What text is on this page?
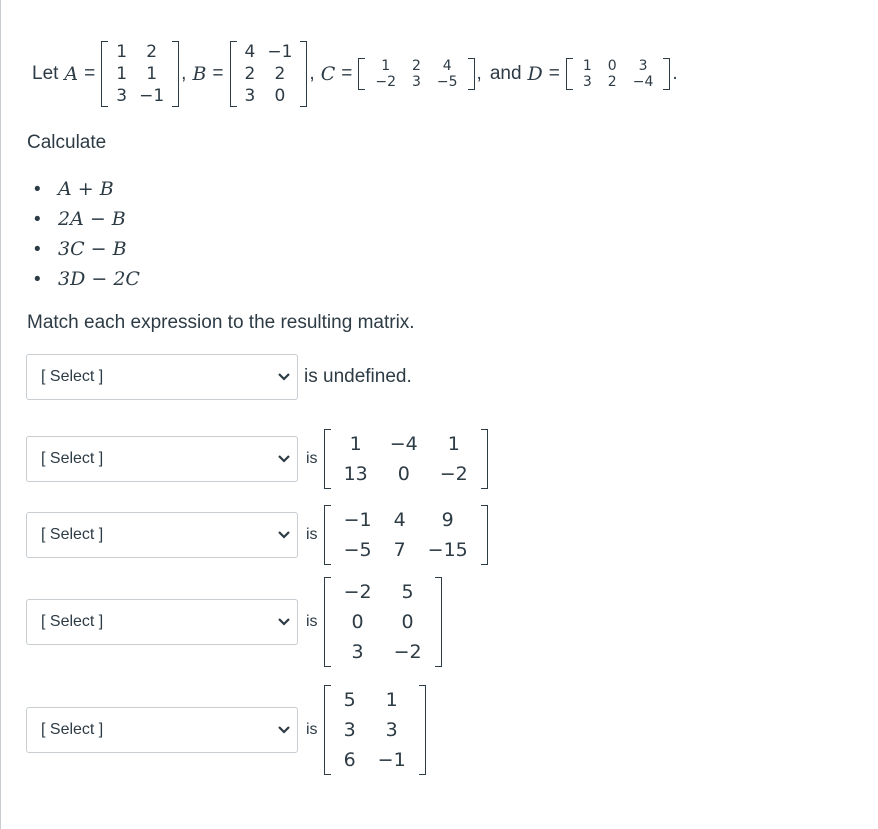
Let A =
1	2
1	1
3	−1
, B =
4	−1
2	2
3	0
, C = 1	2	4
−2	3	−5 , and D = 1	0	3
3	2	−4 .
Calculate
• A + B
• 2A − B
• 3C − B
• 3D − 2C
Match each expression to the resulting matrix.
[ Select ]	is undefined.
[ Select ]	is
1	−4	1
13	0	−2
[ Select ]	is
−1	4	9
−5	7	−15
[ Select ]	is
−2	5
0	0
3	−2
[ Select ]	is
5	1
3	3
6	−1
